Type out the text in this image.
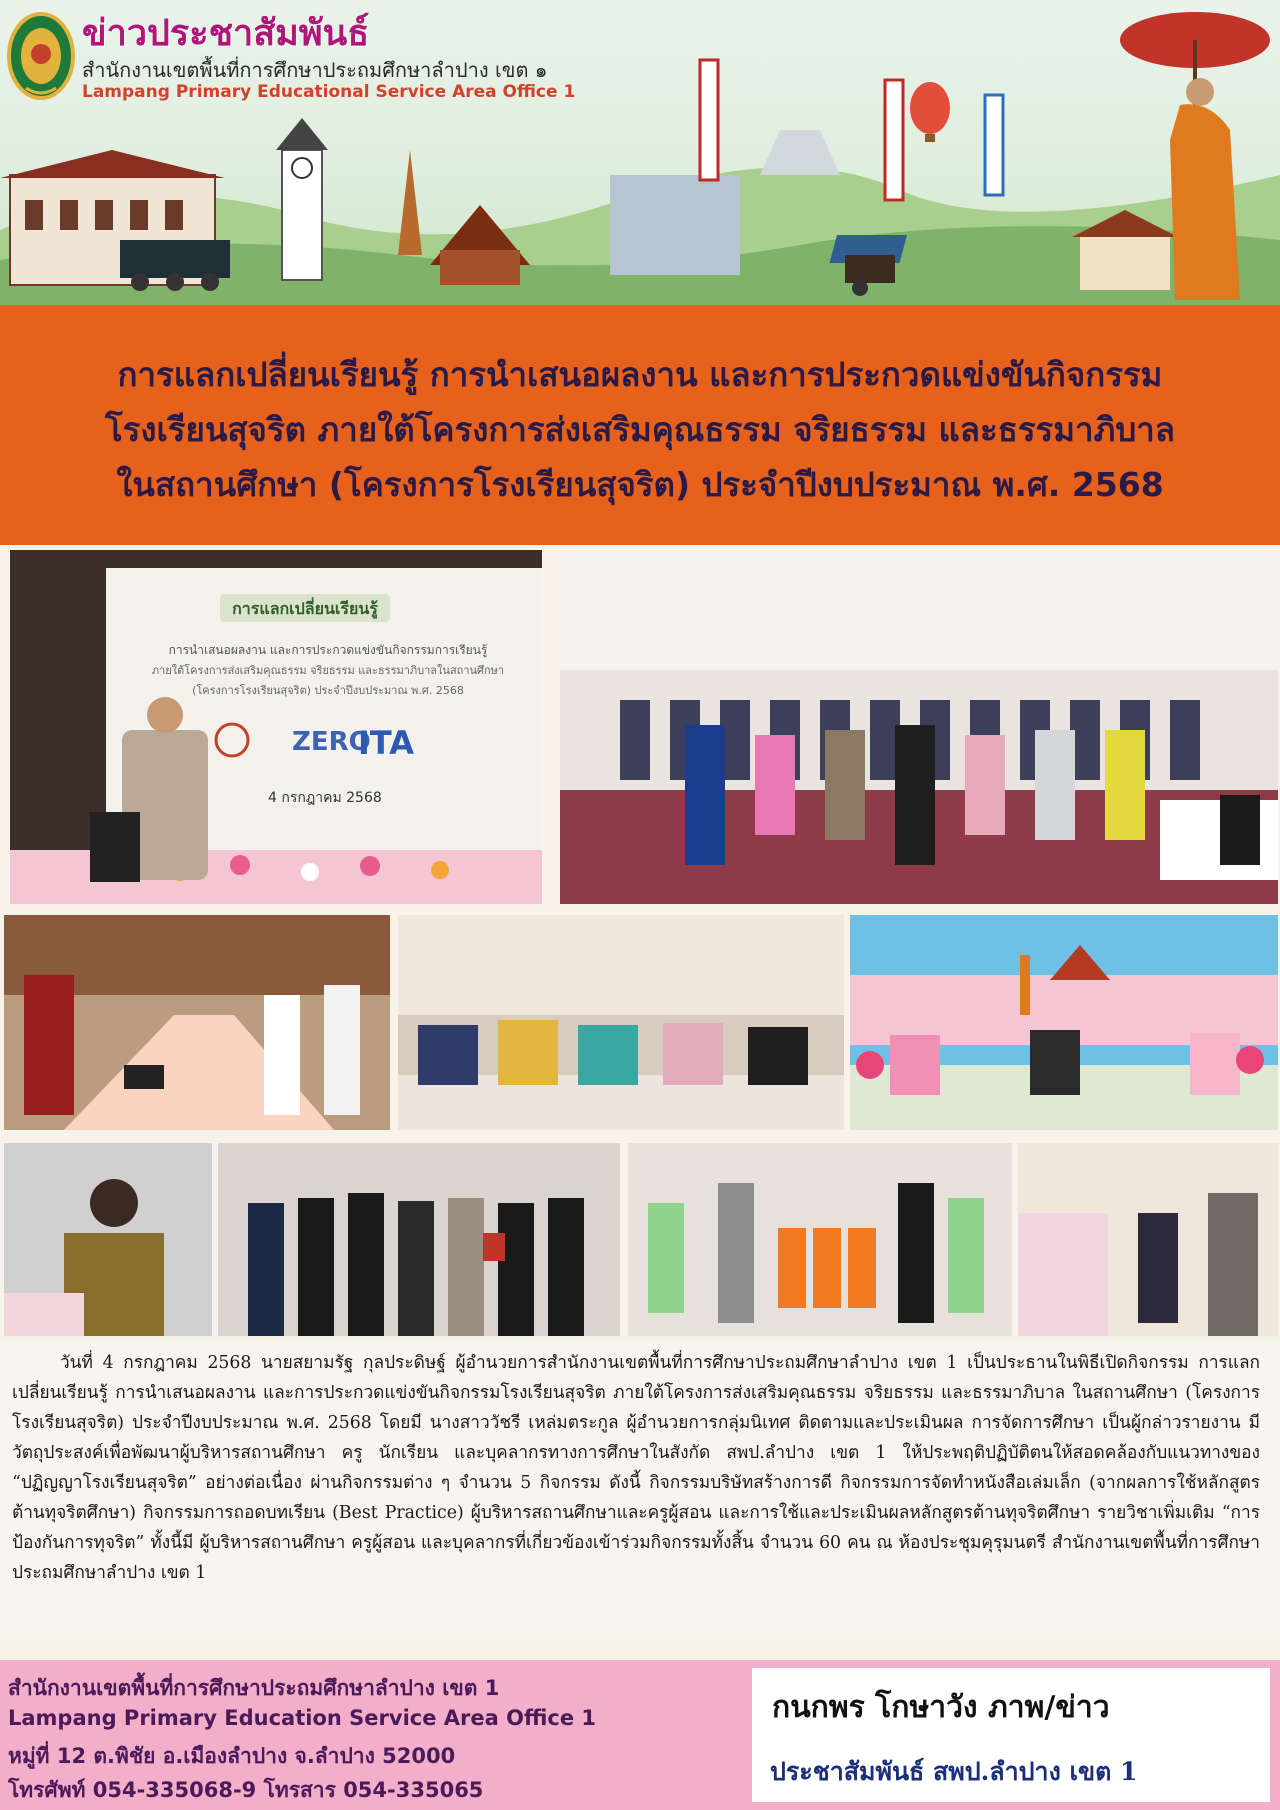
ข่าวประชาสัมพันธ์
สำนักงานเขตพื้นที่การศึกษาประถมศึกษาลำปาง เขต ๑
Lampang Primary Educational Service Area Office 1
การแลกเปลี่ยนเรียนรู้ การนำเสนอผลงาน และการประกวดแข่งขันกิจกรรม
โรงเรียนสุจริต ภายใต้โครงการส่งเสริมคุณธรรม จริยธรรม และธรรมาภิบาล
ในสถานศึกษา (โครงการโรงเรียนสุจริต) ประจำปีงบประมาณ พ.ศ. 2568
การแลกเปลี่ยนเรียนรู้
การนำเสนอผลงาน และการประกวดแข่งขันกิจกรรมการเรียนรู้
ภายใต้โครงการส่งเสริมคุณธรรม จริยธรรม และธรรมาภิบาลในสถานศึกษา
(โครงการโรงเรียนสุจริต) ประจำปีงบประมาณ พ.ศ. 2568
ZERO
ITA
4 กรกฎาคม 2568
วันที่ 4 กรกฎาคม 2568 นายสยามรัฐ กุลประดิษฐ์ ผู้อำนวยการสำนักงานเขตพื้นที่การศึกษาประถมศึกษาลำปาง เขต 1 เป็นประธานในพิธีเปิดกิจกรรม การแลกเปลี่ยนเรียนรู้ การนำเสนอผลงาน และการประกวดแข่งขันกิจกรรมโรงเรียนสุจริต ภายใต้โครงการส่งเสริมคุณธรรม จริยธรรม และธรรมาภิบาล ในสถานศึกษา (โครงการโรงเรียนสุจริต) ประจำปีงบประมาณ พ.ศ. 2568 โดยมี นางสาววัชรี เหล่มตระกูล ผู้อำนวยการกลุ่มนิเทศ ติดตามและประเมินผล การจัดการศึกษา เป็นผู้กล่าวรายงาน มีวัตถุประสงค์เพื่อพัฒนาผู้บริหารสถานศึกษา ครู นักเรียน และบุคลากรทางการศึกษาในสังกัด สพป.ลำปาง เขต 1 ให้ประพฤติปฏิบัติตนให้สอดคล้องกับแนวทางของ “ปฏิญญาโรงเรียนสุจริต” อย่างต่อเนื่อง ผ่านกิจกรรมต่าง ๆ จำนวน 5 กิจกรรม ดังนี้ กิจกรรมบริษัทสร้างการดี กิจกรรมการจัดทำหนังสือเล่มเล็ก (จากผลการใช้หลักสูตรต้านทุจริตศึกษา) กิจกรรมการถอดบทเรียน (Best Practice) ผู้บริหารสถานศึกษาและครูผู้สอน และการใช้และประเมินผลหลักสูตรต้านทุจริตศึกษา รายวิชาเพิ่มเติม “การป้องกันการทุจริต” ทั้งนี้มี ผู้บริหารสถานศึกษา ครูผู้สอน และบุคลากรที่เกี่ยวข้องเข้าร่วมกิจกรรมทั้งสิ้น จำนวน 60 คน ณ ห้องประชุมคุรุมนตรี สำนักงานเขตพื้นที่การศึกษาประถมศึกษาลำปาง เขต 1
สำนักงานเขตพื้นที่การศึกษาประถมศึกษาลำปาง เขต 1
Lampang Primary Education Service Area Office 1
หมู่ที่ 12 ต.พิชัย อ.เมืองลำปาง จ.ลำปาง 52000
โทรศัพท์ 054-335068-9 โทรสาร 054-335065
กนกพร โกษาวัง ภาพ/ข่าว
ประชาสัมพันธ์ สพป.ลำปาง เขต 1
